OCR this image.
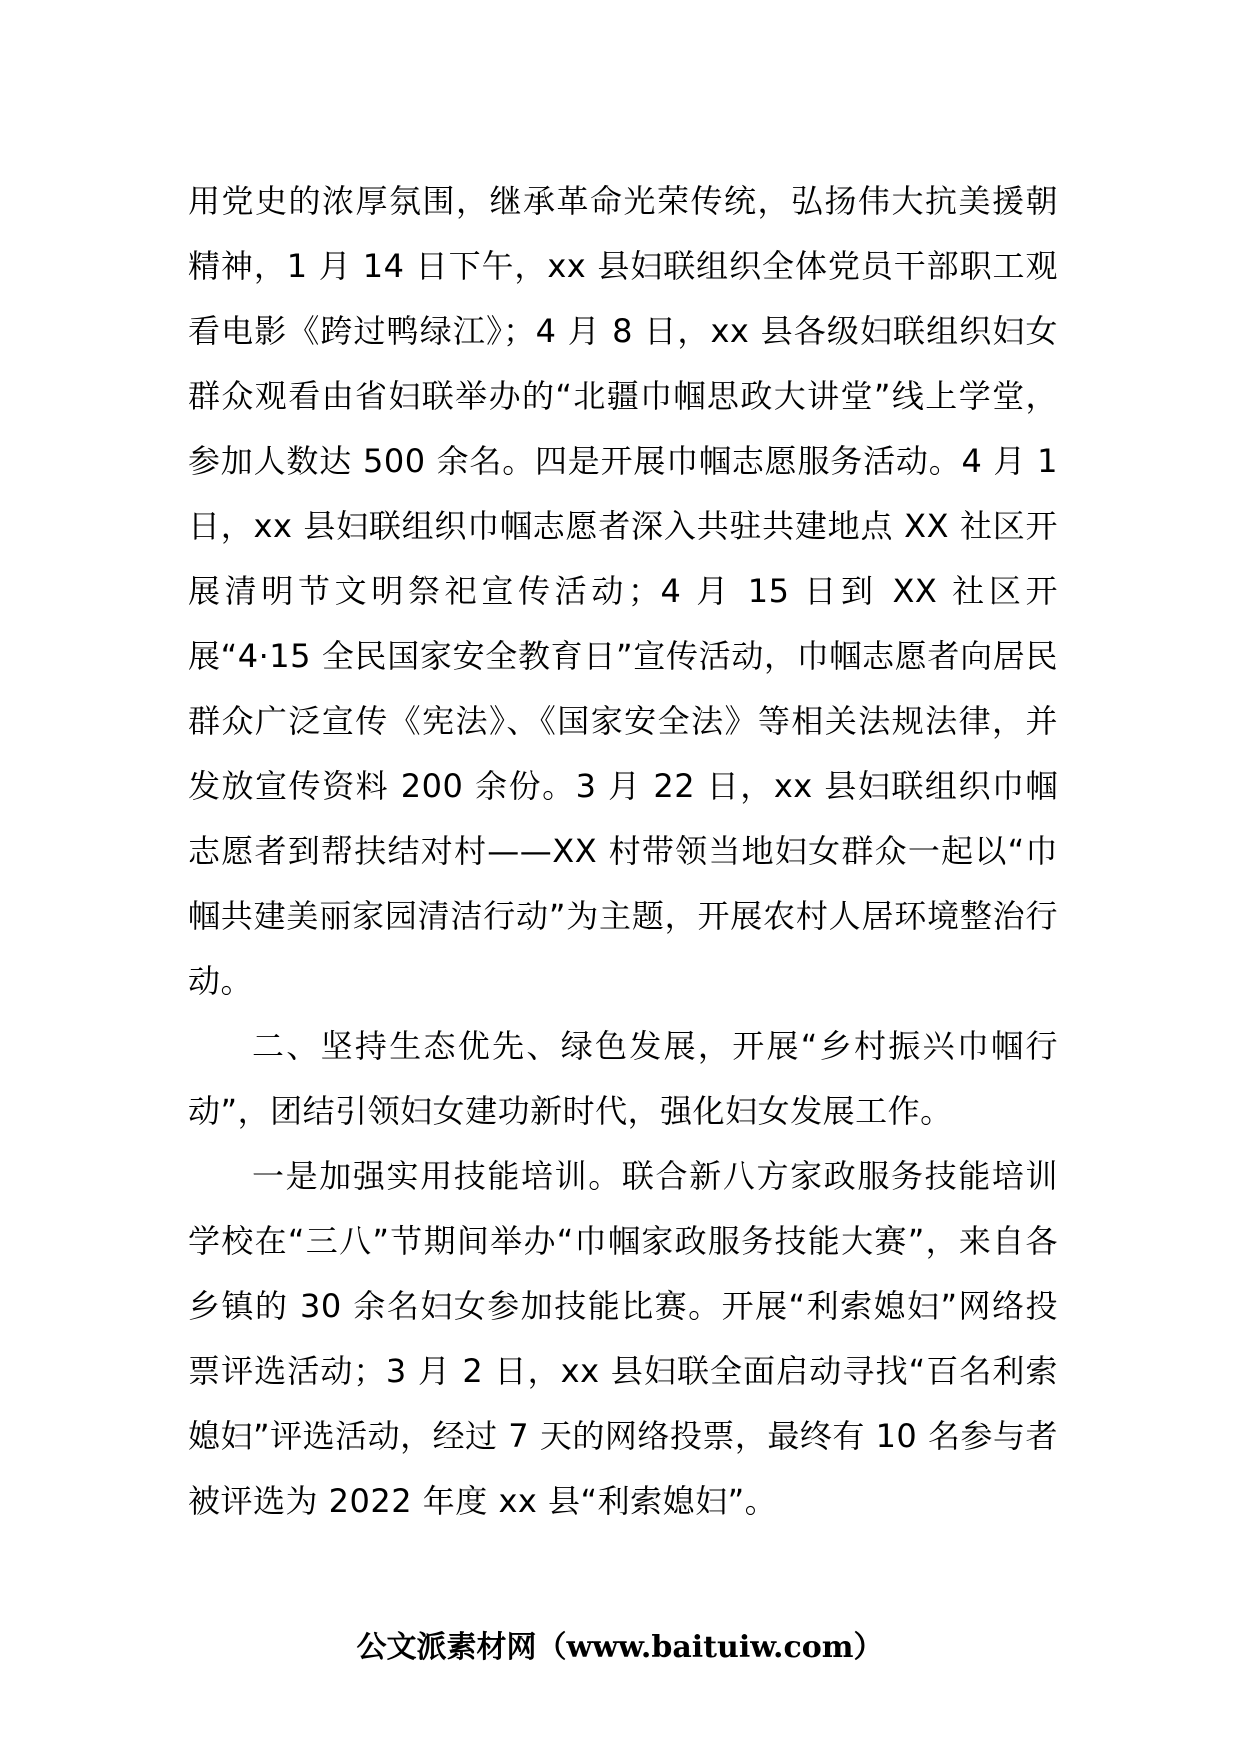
用党史的浓厚氛围，继承革命光荣传统，弘扬伟大抗美援朝精神，1 月 14 日下午，xx 县妇联组织全体党员干部职工观看电影《跨过鸭绿江》；4 月 8 日，xx 县各级妇联组织妇女群众观看由省妇联举办的“北疆巾帼思政大讲堂”线上学堂，参加人数达 500 余名。四是开展巾帼志愿服务活动。4 月 1 日，xx 县妇联组织巾帼志愿者深入共驻共建地点 XX 社区开展清明节文明祭祀宣传活动；4 月 15 日到 XX 社区开展“4·15 全民国家安全教育日”宣传活动，巾帼志愿者向居民群众广泛宣传《宪法》、《国家安全法》等相关法规法律，并发放宣传资料 200 余份。3 月 22 日，xx 县妇联组织巾帼志愿者到帮扶结对村——XX 村带领当地妇女群众一起以“巾帼共建美丽家园清洁行动”为主题，开展农村人居环境整治行动。

二、坚持生态优先、绿色发展，开展“乡村振兴巾帼行动”，团结引领妇女建功新时代，强化妇女发展工作。

一是加强实用技能培训。联合新八方家政服务技能培训学校在“三八”节期间举办“巾帼家政服务技能大赛”，来自各乡镇的 30 余名妇女参加技能比赛。开展“利索媳妇”网络投票评选活动；3 月 2 日，xx 县妇联全面启动寻找“百名利索媳妇”评选活动，经过 7 天的网络投票，最终有 10 名参与者被评选为 2022 年度 xx 县“利索媳妇”。

公文派素材网（www.baituiw.com）
